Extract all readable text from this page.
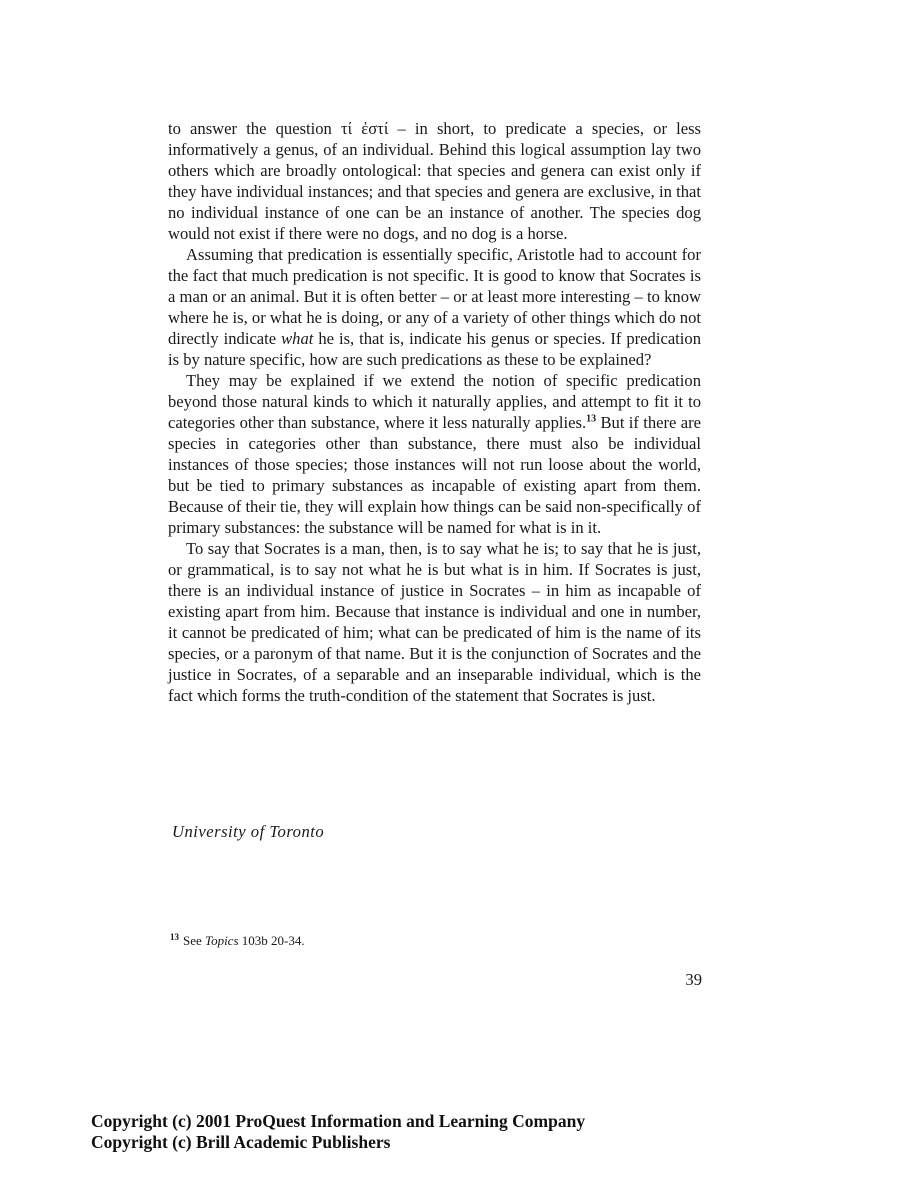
to answer the question τί ἐστί – in short, to predicate a species, or less informatively a genus, of an individual. Behind this logical assumption lay two others which are broadly ontological: that species and genera can exist only if they have individual instances; and that species and genera are exclusive, in that no individual instance of one can be an instance of another. The species dog would not exist if there were no dogs, and no dog is a horse.

Assuming that predication is essentially specific, Aristotle had to account for the fact that much predication is not specific. It is good to know that Socrates is a man or an animal. But it is often better – or at least more interesting – to know where he is, or what he is doing, or any of a variety of other things which do not directly indicate what he is, that is, indicate his genus or species. If predication is by nature specific, how are such predications as these to be explained?

They may be explained if we extend the notion of specific predication beyond those natural kinds to which it naturally applies, and attempt to fit it to categories other than substance, where it less naturally applies.$^{13}$ But if there are species in categories other than substance, there must also be individual instances of those species; those instances will not run loose about the world, but be tied to primary substances as incapable of existing apart from them. Because of their tie, they will explain how things can be said non-specifically of primary substances: the substance will be named for what is in it.

To say that Socrates is a man, then, is to say what he is; to say that he is just, or grammatical, is to say not what he is but what is in him. If Socrates is just, there is an individual instance of justice in Socrates – in him as incapable of existing apart from him. Because that instance is individual and one in number, it cannot be predicated of him; what can be predicated of him is the name of its species, or a paronym of that name. But it is the conjunction of Socrates and the justice in Socrates, of a separable and an inseparable individual, which is the fact which forms the truth-condition of the statement that Socrates is just.

University of Toronto
$^{13}$ See Topics 103b 20-34.
39
Copyright (c) 2001 ProQuest Information and Learning Company
Copyright (c) Brill Academic Publishers
